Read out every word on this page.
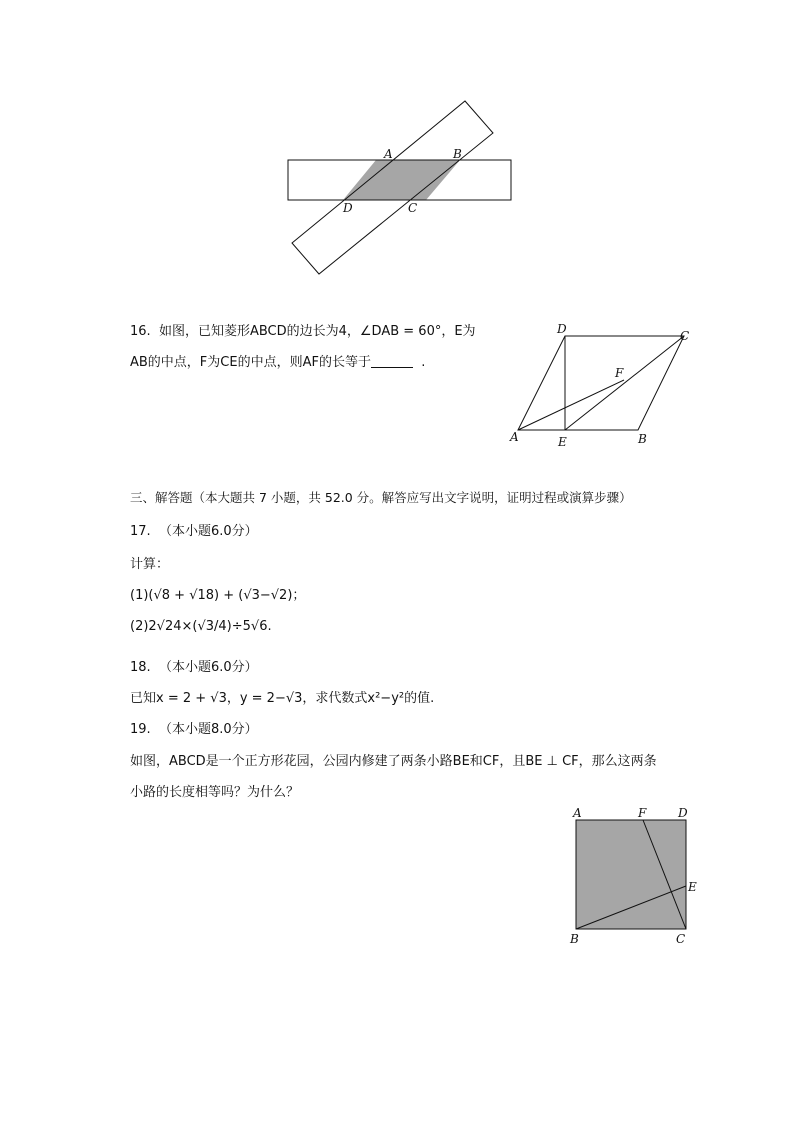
A	B
D	C
16. 如图，已知菱形ABCD的边长为4，∠DAB = 60°，E为
AB的中点，F为CE的中点，则AF的长等于	.
D	C
F
A	E	B
三、解答题（本大题共 7 小题，共 52.0 分。解答应写出文字说明，证明过程或演算步骤）
17. （本小题6.0分）
计算：
(1)(√8 + √18) + (√3−√2)；
(2)2√24×(√3/4)÷5√6.
18. （本小题6.0分）
已知x = 2 + √3，y = 2−√3，求代数式x²−y²的值.
19. （本小题8.0分）
如图，ABCD是一个正方形花园，公园内修建了两条小路BE和CF，且BE ⊥ CF，那么这两条
小路的长度相等吗？为什么？
A	F	D
E
B	C
